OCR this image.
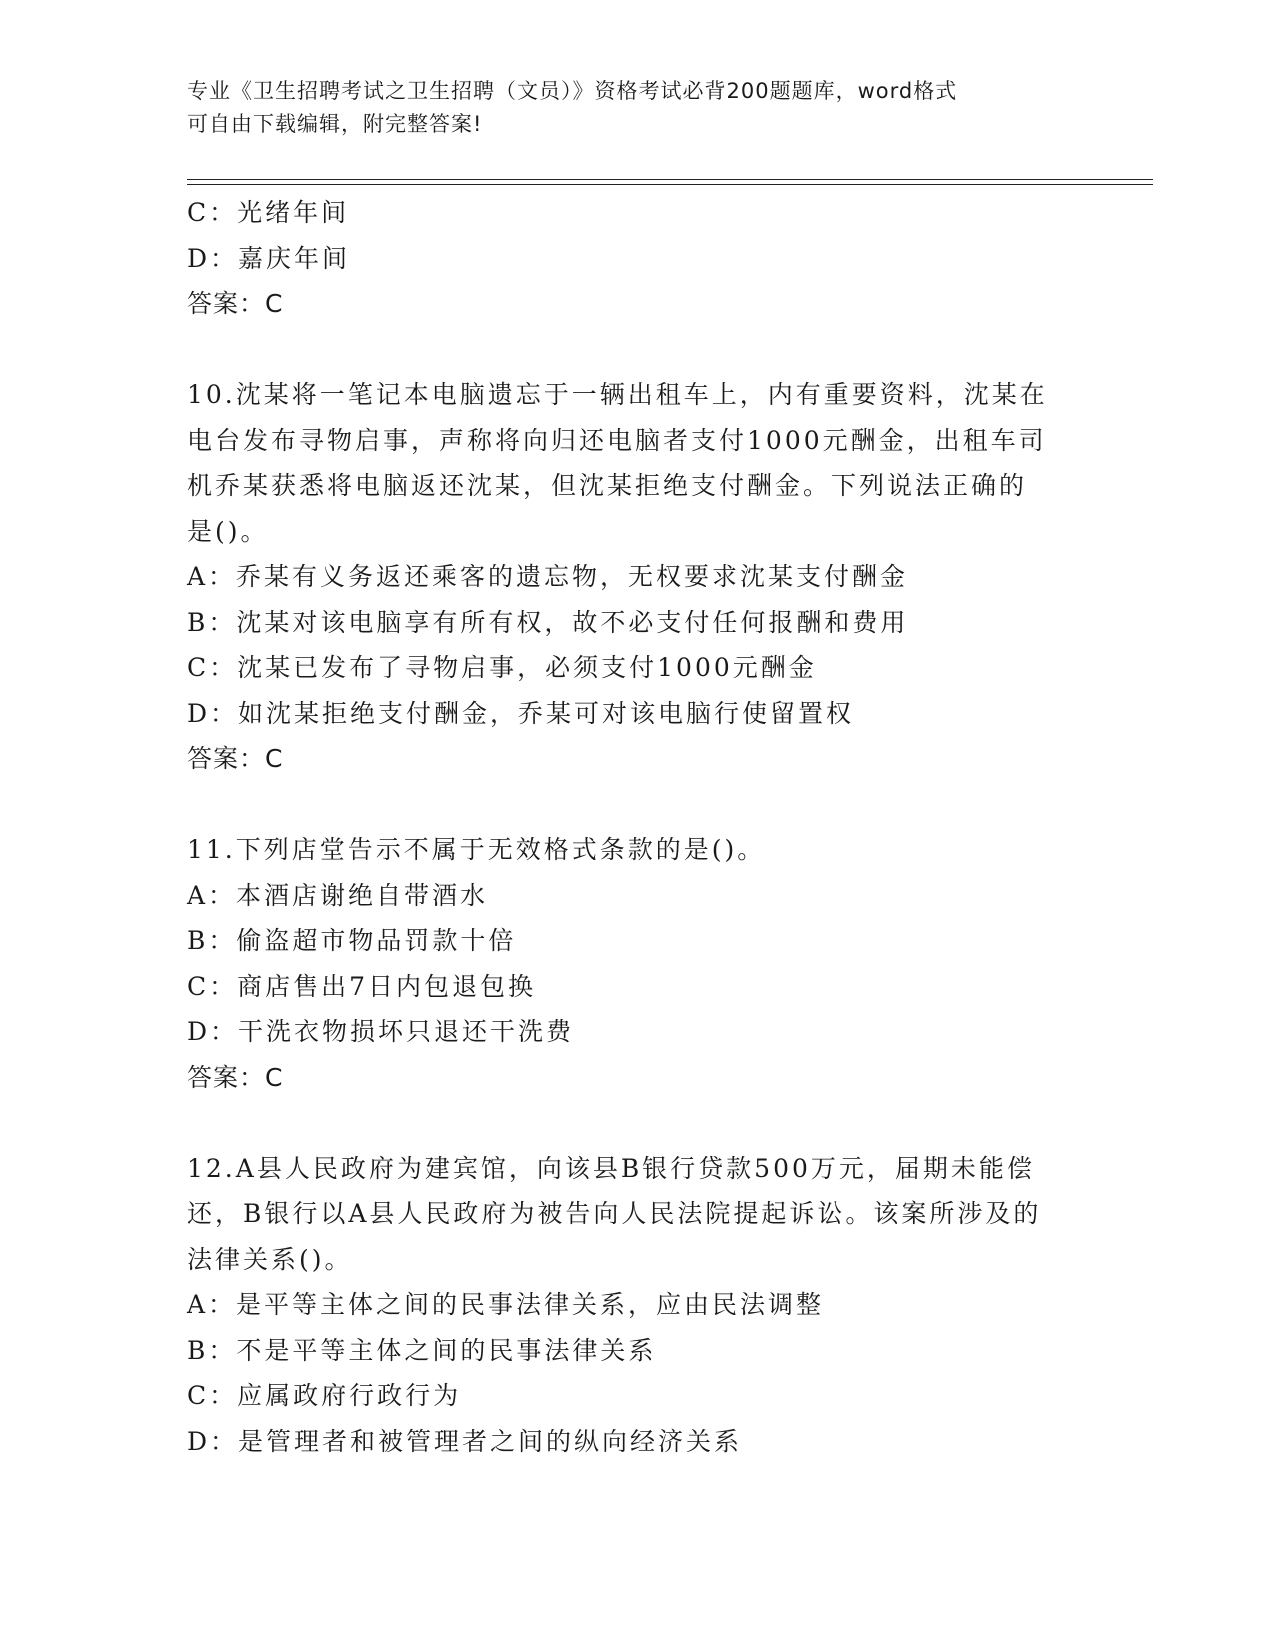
专业《卫生招聘考试之卫生招聘（文员）》资格考试必背200题题库，word格式
可自由下载编辑，附完整答案!
C：光绪年间
D：嘉庆年间
答案：C
10.沈某将一笔记本电脑遗忘于一辆出租车上，内有重要资料，沈某在
电台发布寻物启事，声称将向归还电脑者支付1000元酬金，出租车司
机乔某获悉将电脑返还沈某，但沈某拒绝支付酬金。下列说法正确的
是()。
A：乔某有义务返还乘客的遗忘物，无权要求沈某支付酬金
B：沈某对该电脑享有所有权，故不必支付任何报酬和费用
C：沈某已发布了寻物启事，必须支付1000元酬金
D：如沈某拒绝支付酬金，乔某可对该电脑行使留置权
答案：C
11.下列店堂告示不属于无效格式条款的是()。
A：本酒店谢绝自带酒水
B：偷盗超市物品罚款十倍
C：商店售出7日内包退包换
D：干洗衣物损坏只退还干洗费
答案：C
12.A县人民政府为建宾馆，向该县B银行贷款500万元，届期未能偿
还，B银行以A县人民政府为被告向人民法院提起诉讼。该案所涉及的
法律关系()。
A：是平等主体之间的民事法律关系，应由民法调整
B：不是平等主体之间的民事法律关系
C：应属政府行政行为
D：是管理者和被管理者之间的纵向经济关系
